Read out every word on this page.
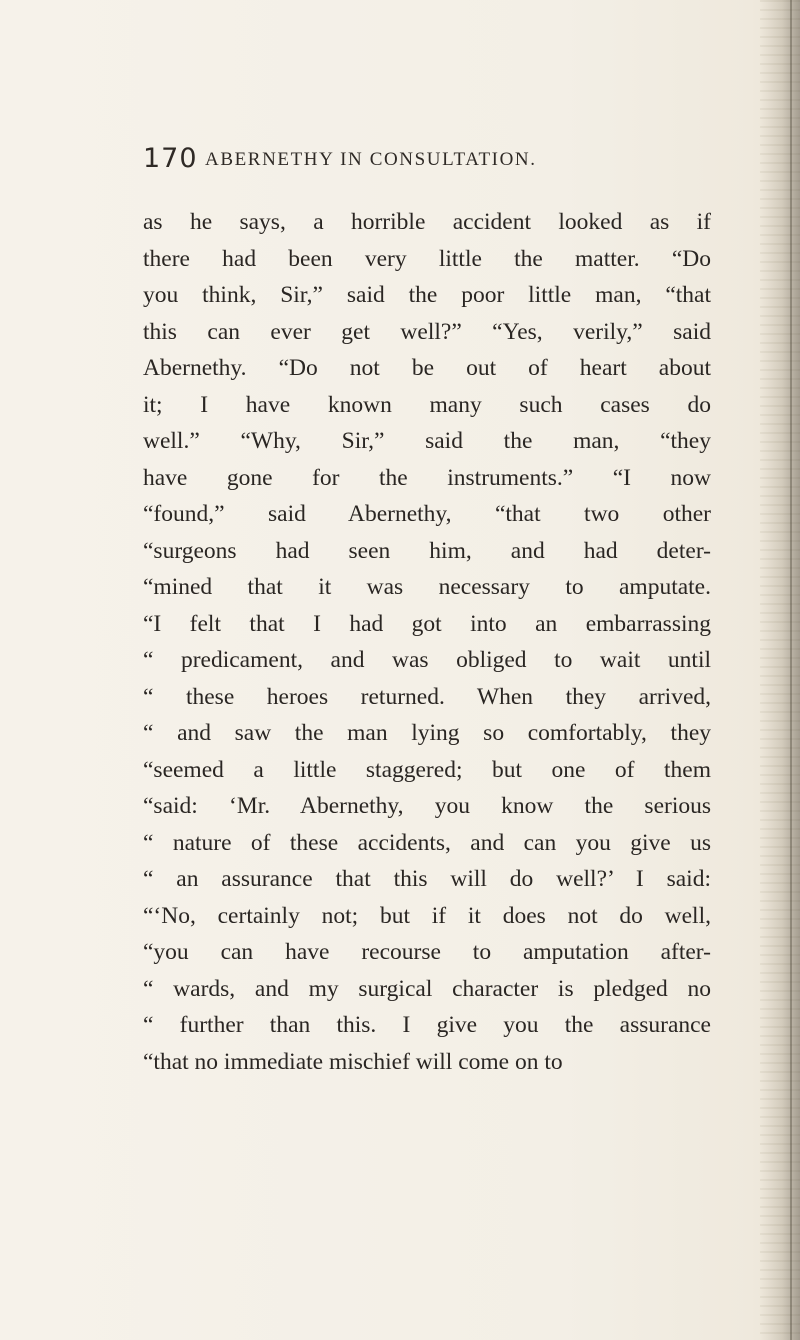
170 ABERNETHY IN CONSULTATION.
as he says, a horrible accident looked as if
there had been very little the matter. “Do
you think, Sir,” said the poor little man, “that
this can ever get well?” “Yes, verily,” said
Abernethy. “Do not be out of heart about
it; I have known many such cases do
well.” “Why, Sir,” said the man, “they
have gone for the instruments.” “I now
“found,” said Abernethy, “that two other
“surgeons had seen him, and had deter-
“mined that it was necessary to amputate.
“I felt that I had got into an embarrassing
“ predicament, and was obliged to wait until
“ these heroes returned. When they arrived,
“ and saw the man lying so comfortably, they
“seemed a little staggered; but one of them
“said: ‘Mr. Abernethy, you know the serious
“ nature of these accidents, and can you give us
“ an assurance that this will do well?’ I said:
“‘No, certainly not; but if it does not do well,
“you can have recourse to amputation after-
“ wards, and my surgical character is pledged no
“ further than this. I give you the assurance
“that no immediate mischief will come on to
